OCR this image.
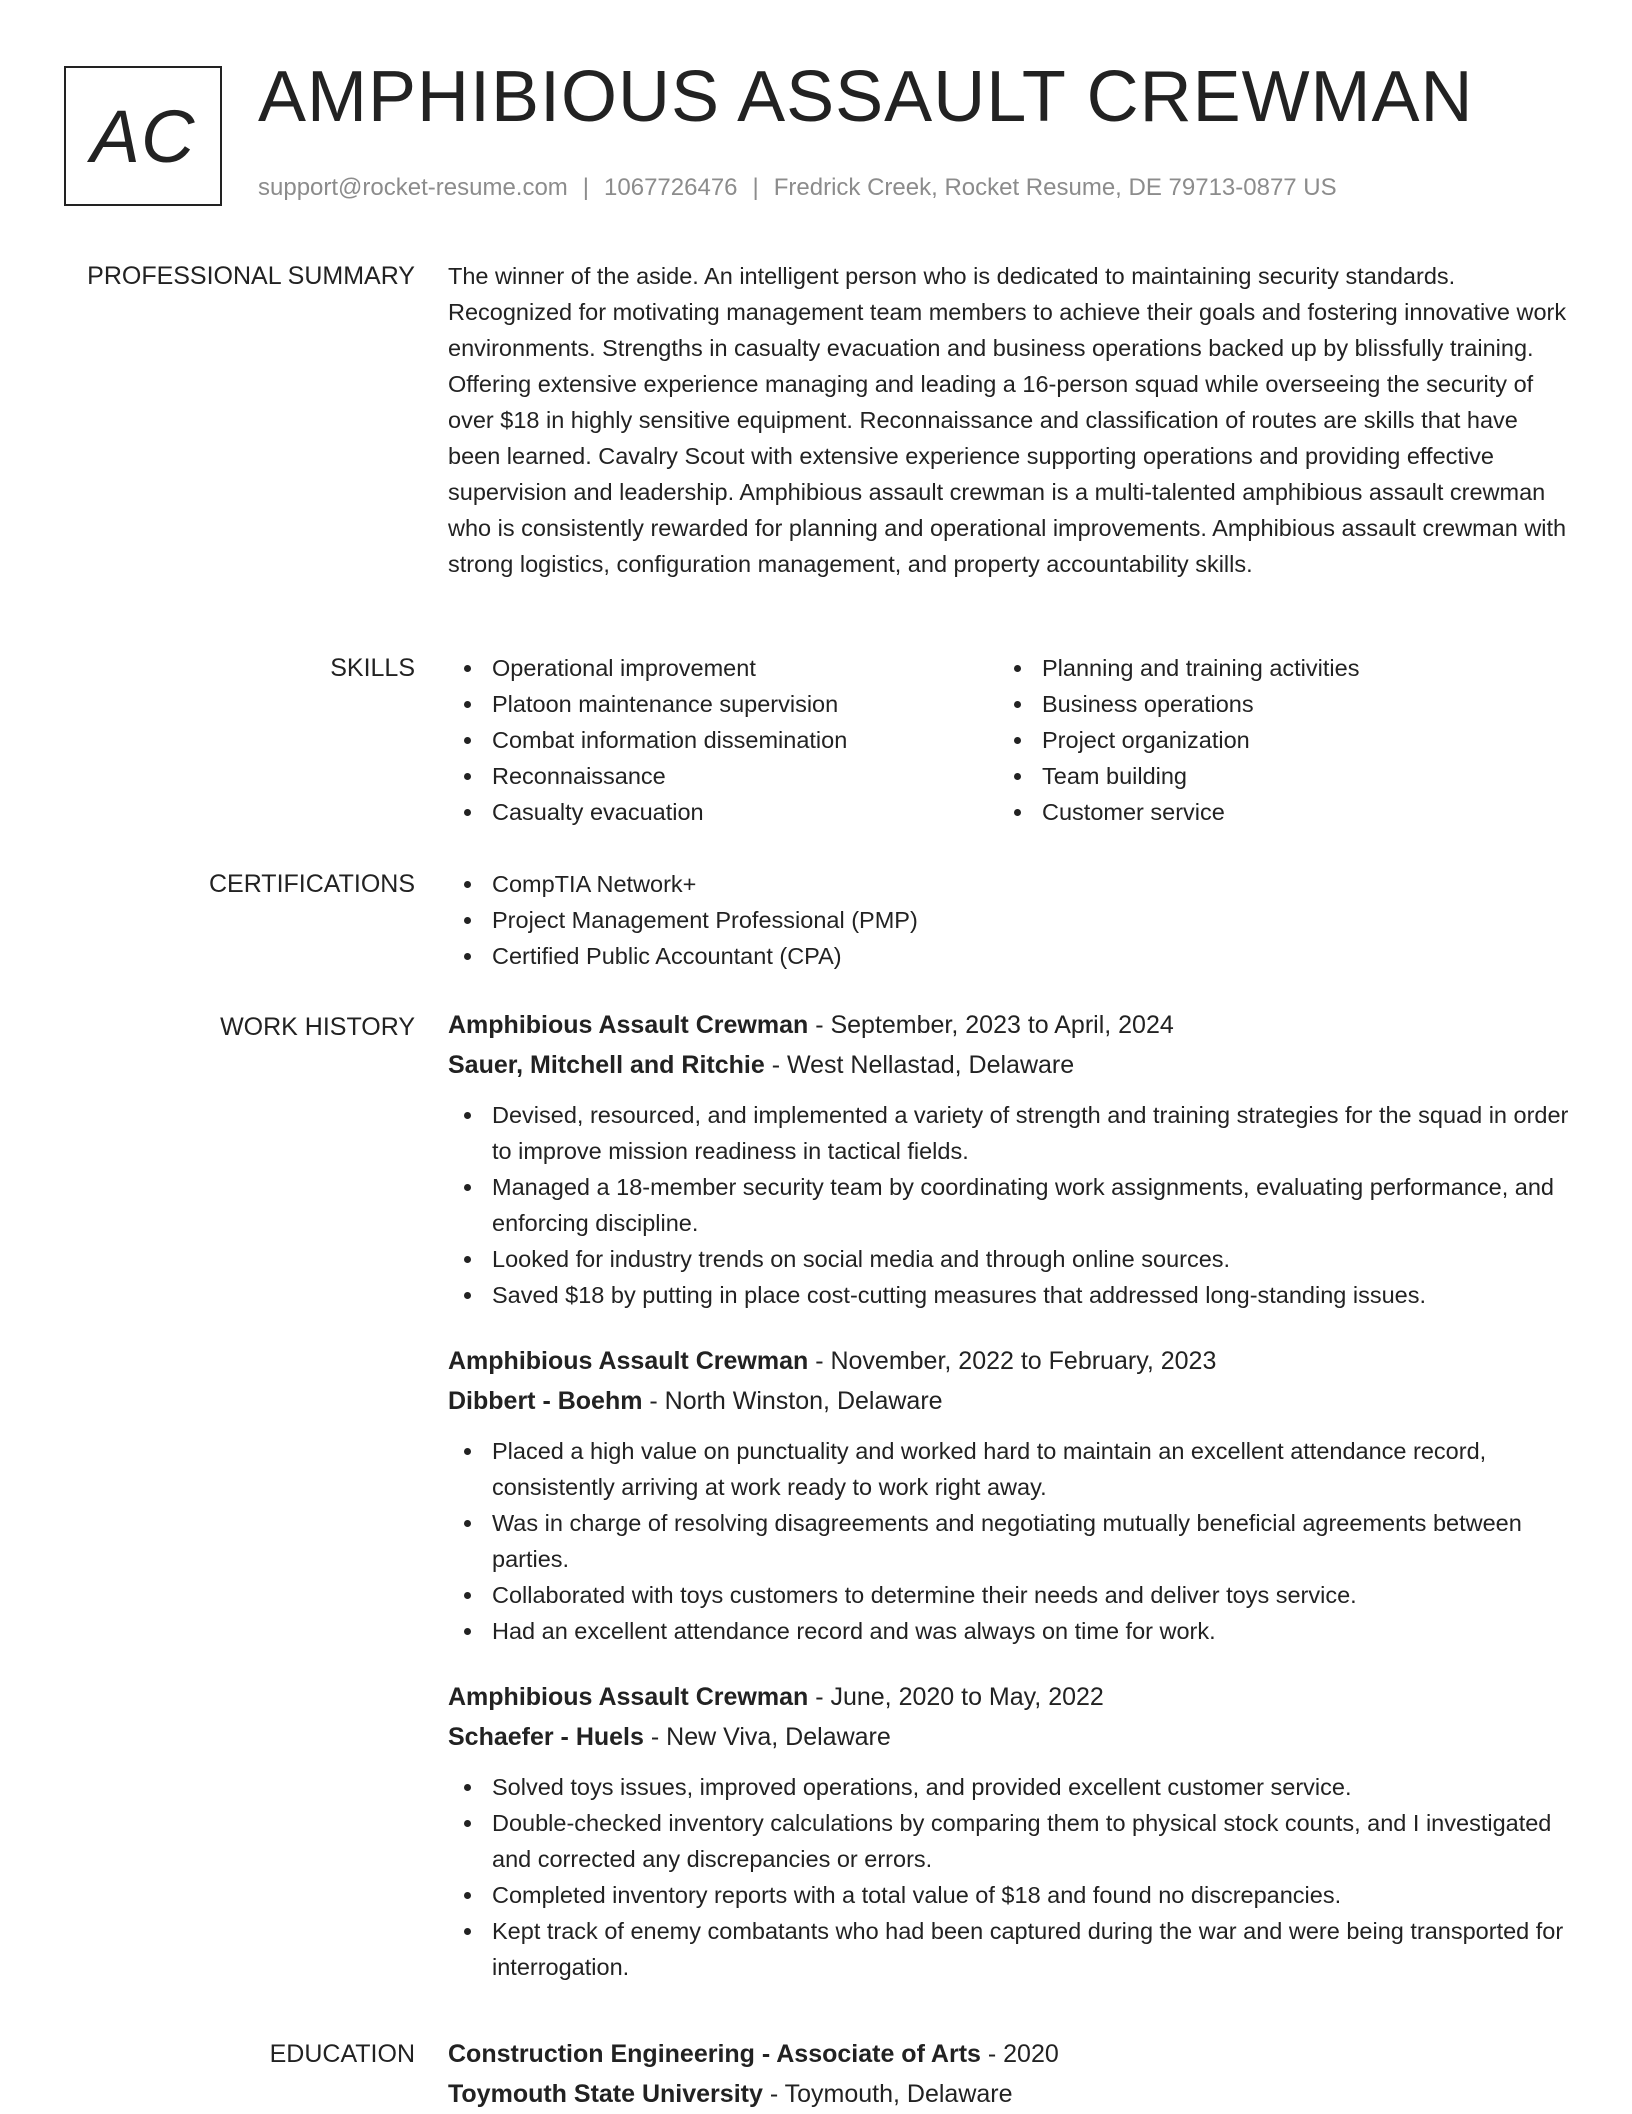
AC AMPHIBIOUS ASSAULT CREWMAN
support@rocket-resume.com | 1067726476 | Fredrick Creek, Rocket Resume, DE 79713-0877 US
PROFESSIONAL SUMMARY The winner of the aside. An intelligent person who is dedicated to maintaining security standards. Recognized for motivating management team members to achieve their goals and fostering innovative work environments. Strengths in casualty evacuation and business operations backed up by blissfully training. Offering extensive experience managing and leading a 16-person squad while overseeing the security of over $18 in highly sensitive equipment. Reconnaissance and classification of routes are skills that have been learned. Cavalry Scout with extensive experience supporting operations and providing effective supervision and leadership. Amphibious assault crewman is a multi-talented amphibious assault crewman who is consistently rewarded for planning and operational improvements. Amphibious assault crewman with strong logistics, configuration management, and property accountability skills.

SKILLS	Operational improvement
Platoon maintenance supervision
Combat information dissemination
Reconnaissance
Casualty evacuation
Planning and training activities
Business operations
Project organization
Team building
Customer service
CERTIFICATIONS	CompTIA Network+
Project Management Professional (PMP)
Certified Public Accountant (CPA)
WORK HISTORY Amphibious Assault Crewman - September, 2023 to April, 2024
Sauer, Mitchell and Ritchie - West Nellastad, Delaware
Devised, resourced, and implemented a variety of strength and training strategies for the squad in order to improve mission readiness in tactical fields.
Managed a 18-member security team by coordinating work assignments, evaluating performance, and enforcing discipline.
Looked for industry trends on social media and through online sources.
Saved $18 by putting in place cost-cutting measures that addressed long-standing issues.
Amphibious Assault Crewman - November, 2022 to February, 2023
Dibbert - Boehm - North Winston, Delaware
Placed a high value on punctuality and worked hard to maintain an excellent attendance record, consistently arriving at work ready to work right away.
Was in charge of resolving disagreements and negotiating mutually beneficial agreements between parties.
Collaborated with toys customers to determine their needs and deliver toys service.
Had an excellent attendance record and was always on time for work.
Amphibious Assault Crewman - June, 2020 to May, 2022
Schaefer - Huels - New Viva, Delaware
Solved toys issues, improved operations, and provided excellent customer service.
Double-checked inventory calculations by comparing them to physical stock counts, and I investigated and corrected any discrepancies or errors.
Completed inventory reports with a total value of $18 and found no discrepancies.
Kept track of enemy combatants who had been captured during the war and were being transported for interrogation.
EDUCATION Construction Engineering - Associate of Arts - 2020
Toymouth State University - Toymouth, Delaware
